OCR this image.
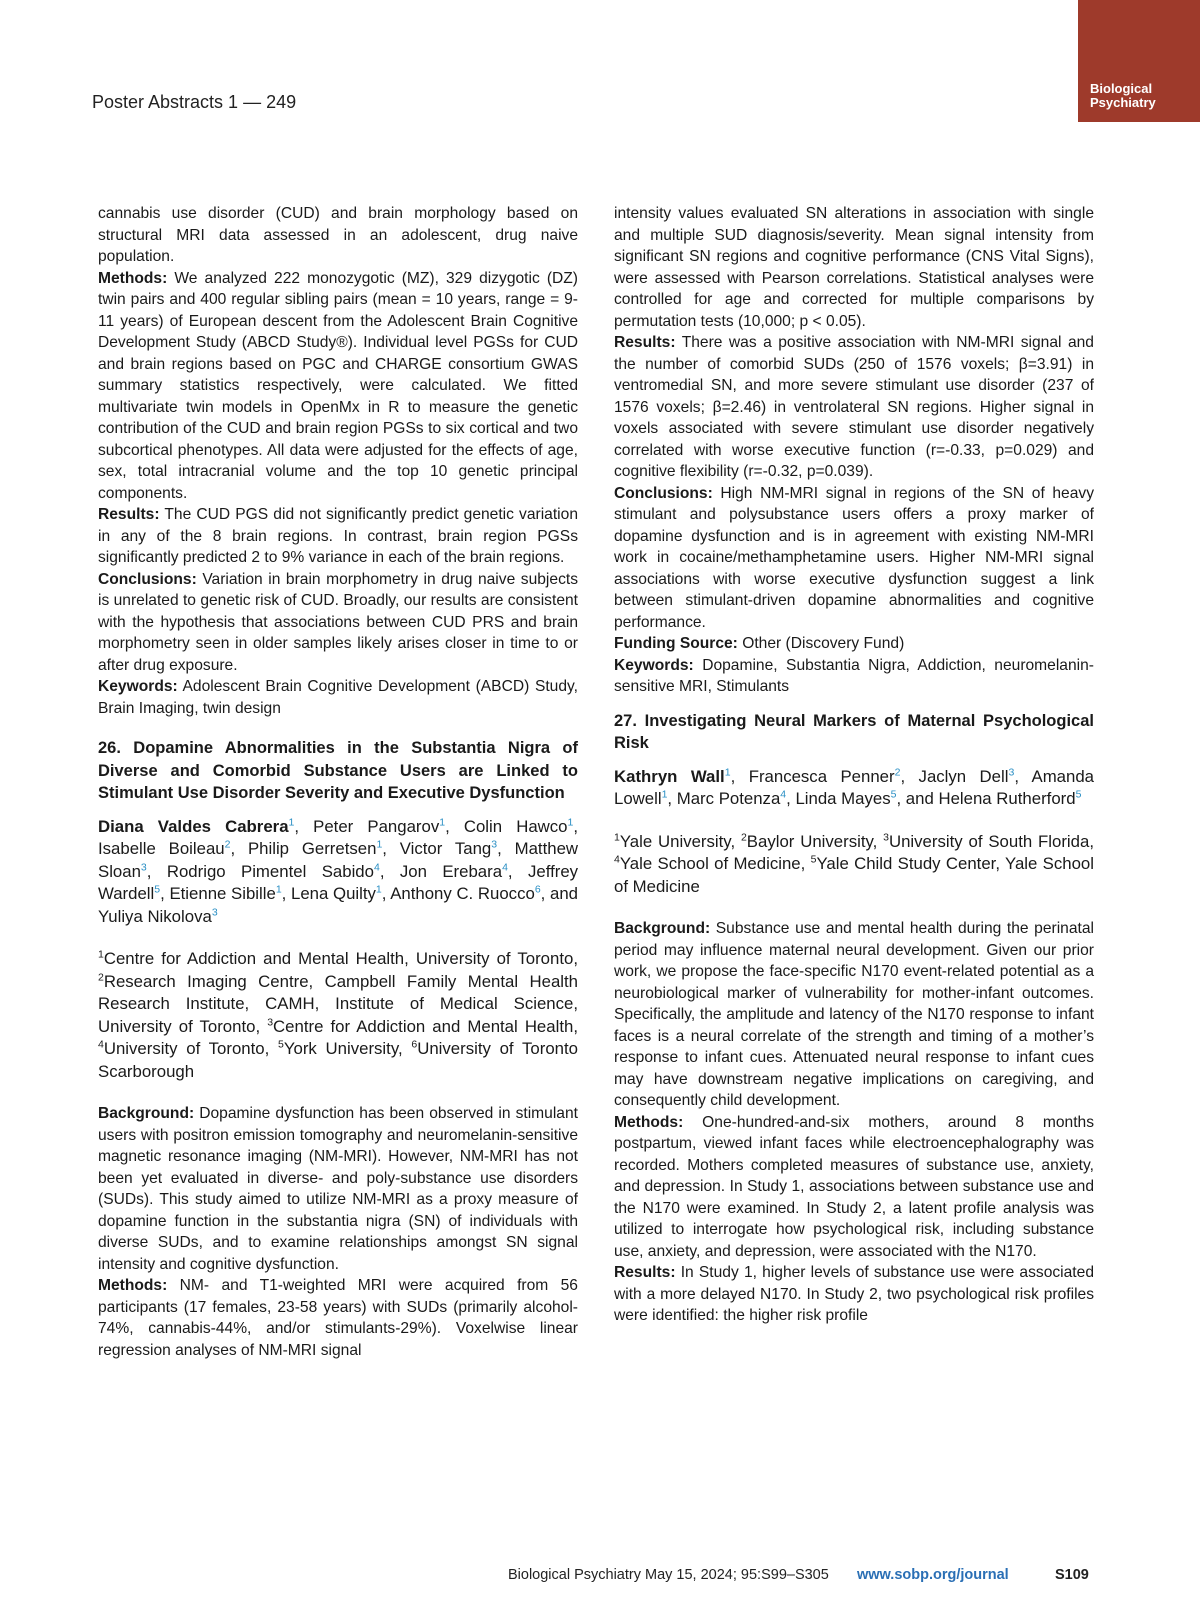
Poster Abstracts 1 — 249
Biological
Psychiatry

cannabis use disorder (CUD) and brain morphology based on structural MRI data assessed in an adolescent, drug naive population.

Methods: We analyzed 222 monozygotic (MZ), 329 dizygotic (DZ) twin pairs and 400 regular sibling pairs (mean = 10 years, range = 9-11 years) of European descent from the Adolescent Brain Cognitive Development Study (ABCD Study®). Individual level PGSs for CUD and brain regions based on PGC and CHARGE consortium GWAS summary statistics respectively, were calculated. We fitted multivariate twin models in OpenMx in R to measure the genetic contribution of the CUD and brain region PGSs to six cortical and two subcortical phenotypes. All data were adjusted for the effects of age, sex, total intracranial volume and the top 10 genetic principal components.

Results: The CUD PGS did not significantly predict genetic variation in any of the 8 brain regions. In contrast, brain region PGSs significantly predicted 2 to 9% variance in each of the brain regions.

Conclusions: Variation in brain morphometry in drug naive subjects is unrelated to genetic risk of CUD. Broadly, our results are consistent with the hypothesis that associations between CUD PRS and brain morphometry seen in older samples likely arises closer in time to or after drug exposure.

Keywords: Adolescent Brain Cognitive Development (ABCD) Study, Brain Imaging, twin design

26. Dopamine Abnormalities in the Substantia Nigra of Diverse and Comorbid Substance Users are Linked to Stimulant Use Disorder Severity and Executive Dysfunction

Diana Valdes Cabrera$^1$, Peter Pangarov$^1$, Colin Hawco$^1$, Isabelle Boileau$^2$, Philip Gerretsen$^1$, Victor Tang$^3$, Matthew Sloan$^3$, Rodrigo Pimentel Sabido$^4$, Jon Erebara$^4$, Jeffrey Wardell$^5$, Etienne Sibille$^1$, Lena Quilty$^1$, Anthony C. Ruocco$^6$, and Yuliya Nikolova$^3$

$^1$Centre for Addiction and Mental Health, University of Toronto, $^2$Research Imaging Centre, Campbell Family Mental Health Research Institute, CAMH, Institute of Medical Science, University of Toronto, $^3$Centre for Addiction and Mental Health, $^4$University of Toronto, $^5$York University, $^6$University of Toronto Scarborough

Background: Dopamine dysfunction has been observed in stimulant users with positron emission tomography and neuromelanin-sensitive magnetic resonance imaging (NM-MRI). However, NM-MRI has not been yet evaluated in diverse- and poly-substance use disorders (SUDs). This study aimed to utilize NM-MRI as a proxy measure of dopamine function in the substantia nigra (SN) of individuals with diverse SUDs, and to examine relationships amongst SN signal intensity and cognitive dysfunction.

Methods: NM- and T1-weighted MRI were acquired from 56 participants (17 females, 23-58 years) with SUDs (primarily alcohol-74%, cannabis-44%, and/or stimulants-29%). Voxelwise linear regression analyses of NM-MRI signal

intensity values evaluated SN alterations in association with single and multiple SUD diagnosis/severity. Mean signal intensity from significant SN regions and cognitive performance (CNS Vital Signs), were assessed with Pearson correlations. Statistical analyses were controlled for age and corrected for multiple comparisons by permutation tests (10,000; p < 0.05).

Results: There was a positive association with NM-MRI signal and the number of comorbid SUDs (250 of 1576 voxels; β=3.91) in ventromedial SN, and more severe stimulant use disorder (237 of 1576 voxels; β=2.46) in ventrolateral SN regions. Higher signal in voxels associated with severe stimulant use disorder negatively correlated with worse executive function (r=-0.33, p=0.029) and cognitive flexibility (r=-0.32, p=0.039).

Conclusions: High NM-MRI signal in regions of the SN of heavy stimulant and polysubstance users offers a proxy marker of dopamine dysfunction and is in agreement with existing NM-MRI work in cocaine/methamphetamine users. Higher NM-MRI signal associations with worse executive dysfunction suggest a link between stimulant-driven dopamine abnormalities and cognitive performance.

Funding Source: Other (Discovery Fund)

Keywords: Dopamine, Substantia Nigra, Addiction, neuromelanin-sensitive MRI, Stimulants

27. Investigating Neural Markers of Maternal Psychological Risk

Kathryn Wall$^1$, Francesca Penner$^2$, Jaclyn Dell$^3$, Amanda Lowell$^1$, Marc Potenza$^4$, Linda Mayes$^5$, and Helena Rutherford$^5$

$^1$Yale University, $^2$Baylor University, $^3$University of South Florida, $^4$Yale School of Medicine, $^5$Yale Child Study Center, Yale School of Medicine

Background: Substance use and mental health during the perinatal period may influence maternal neural development. Given our prior work, we propose the face-specific N170 event-related potential as a neurobiological marker of vulnerability for mother-infant outcomes. Specifically, the amplitude and latency of the N170 response to infant faces is a neural correlate of the strength and timing of a mother’s response to infant cues. Attenuated neural response to infant cues may have downstream negative implications on caregiving, and consequently child development.

Methods: One-hundred-and-six mothers, around 8 months postpartum, viewed infant faces while electroencephalography was recorded. Mothers completed measures of substance use, anxiety, and depression. In Study 1, associations between substance use and the N170 were examined. In Study 2, a latent profile analysis was utilized to interrogate how psychological risk, including substance use, anxiety, and depression, were associated with the N170.

Results: In Study 1, higher levels of substance use were associated with a more delayed N170. In Study 2, two psychological risk profiles were identified: the higher risk profile

Biological Psychiatry May 15, 2024; 95:S99–S305 www.sobp.org/journal	S109
